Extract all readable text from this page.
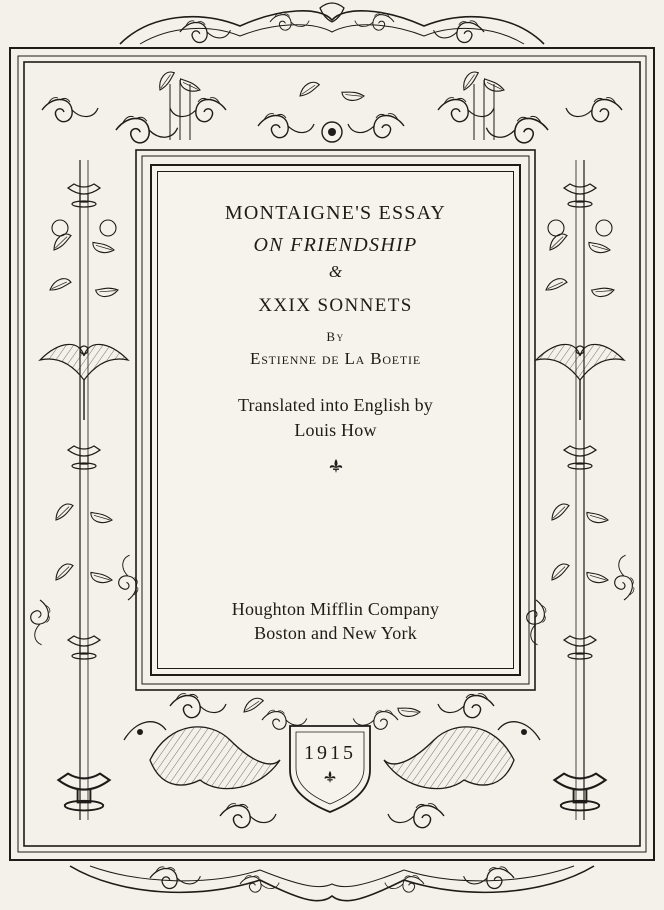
MONTAIGNE'S ESSAY
ON FRIENDSHIP
&
XXIX SONNETS
By
Estienne de La Boetie
Translated into English by
Louis How
Houghton Mifflin Company
Boston and New York
1915
